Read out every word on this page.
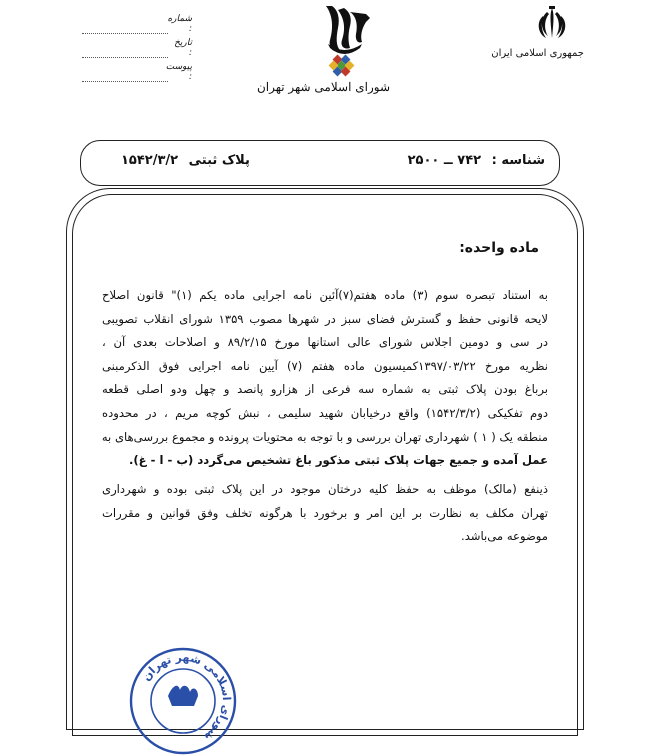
جمهوری اسلامی ایران
شورای اسلامی شهر تهران
شماره :
تاریخ :
پیوست :
شناسه : ۷۴۲ ــ ۲۵۰۰
پلاک ثبتی ۱۵۴۲/۳/۲
ماده واحده:
به استناد تبصره سوم (۳) ماده هفتم(۷)آئین نامه اجرایی ماده یکم (۱)" قانون اصلاح
لایحه قانونی حفظ و گسترش فضای سبز در شهرها مصوب ۱۳۵۹ شورای انقلاب تصویبی
در سی و دومین اجلاس شورای عالی استانها مورخ ۸۹/۲/۱۵ و اصلاحات بعدی آن ،
نظریه مورخ ۱۳۹۷/۰۳/۲۲کمیسیون ماده هفتم (۷) آیین نامه اجرایی فوق الذکرمبنی
برباغ بودن پلاک ثبتی به شماره سه فرعی از هزارو پانصد و چهل ودو اصلی قطعه
دوم تفکیکی (۱۵۴۲/۳/۲) واقع درخیابان شهید سلیمی ، نبش کوچه مریم ، در محدوده
منطقه یک ( ۱ ) شهرداری تهران بررسی و با توجه به محتویات پرونده و مجموع بررسی‌های به
عمل آمده و جمیع جهات پلاک ثبتی مذکور باغ تشخیص می‌گردد (ب - ا - غ).
ذینفع (مالک) موظف به حفظ کلیه درختان موجود در این پلاک ثبتی بوده و شهرداری
تهران مکلف به نظارت بر این امر و برخورد با هرگونه تخلف وفق قوانین و مقررات
موضوعه می‌باشد.
شورای اسلامی شهر تهران
